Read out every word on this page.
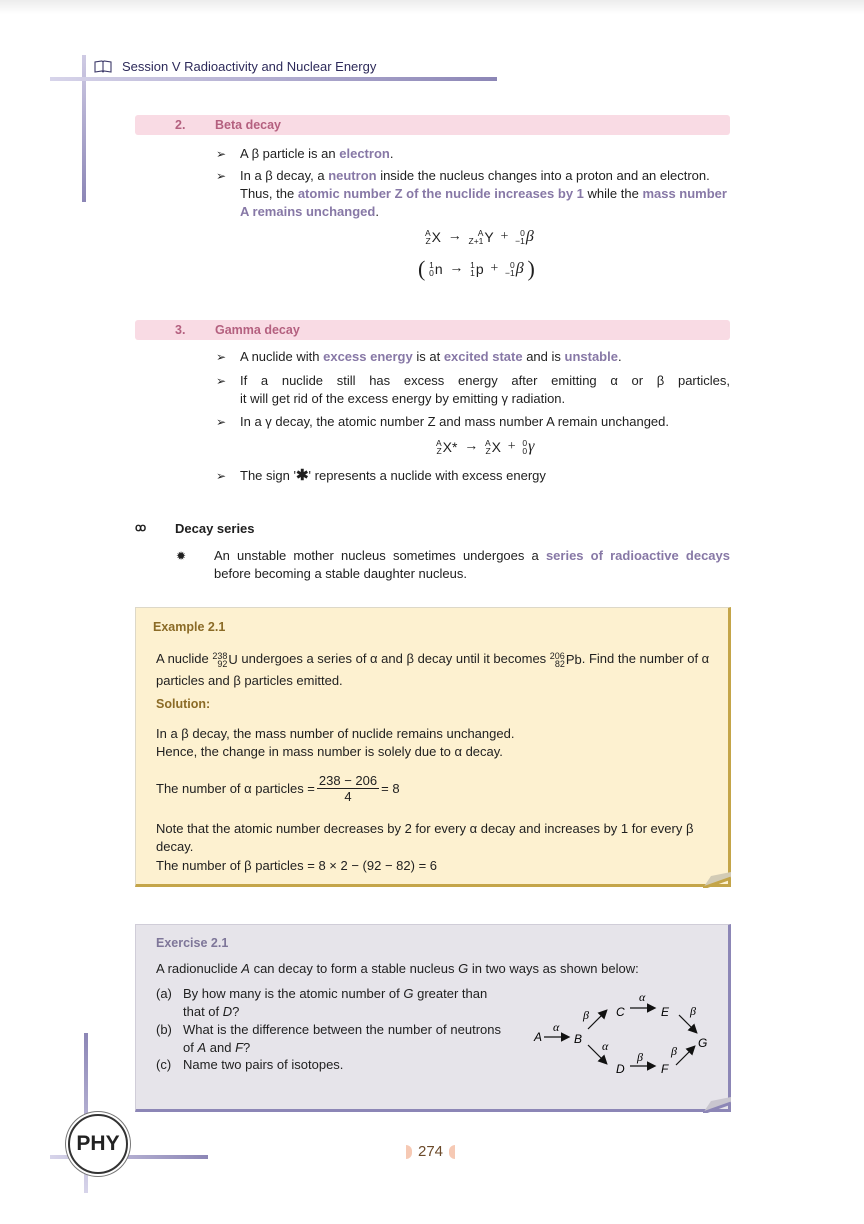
Session V Radioactivity and Nuclear Energy
2. Beta decay
➢	A β particle is an electron.
➢	In a β decay, a neutron inside the nucleus changes into a proton and an electron. Thus, the atomic number Z of the nuclide increases by 1 while the mass number A remains unchanged.
A
Z X →	A
Z+1 Y +	0
−1 β
( 1
0 n → 1
1 p +	0
−1 β )
3. Gamma decay
➢	A nuclide with excess energy is at excited state and is unstable.
➢	If a nuclide still has excess energy after emitting α or β particles,
it will get rid of the excess energy by emitting γ radiation.
➢	In a γ decay, the atomic number Z and mass number A remain unchanged.
A
Z X* → A
Z X + 0
0 γ
➢	The sign '✱' represents a nuclide with excess energy
ꝏ	Decay series
✹	An unstable mother nucleus sometimes undergoes a series of radioactive decays before becoming a stable daughter nucleus.
Example 2.1
A nuclide 238
92 U undergoes a series of α and β decay until it becomes 206
82 Pb . Find the number of α particles and β particles emitted.
Solution:
In a β decay, the mass number of nuclide remains unchanged.
Hence, the change in mass number is solely due to α decay.
The number of α particles = $\frac{238 - 206}{4} = 8$
Note that the atomic number decreases by 2 for every α decay and increases by 1 for every β decay.
The number of β particles = 8 × 2 − (92 − 82) = 6
Exercise 2.1
A radionuclide A can decay to form a stable nucleus G in two ways as shown below:
(a) By how many is the atomic number of G greater than that of D?
(b) What is the difference between the number of neutrons of A and F?
(c) Name two pairs of isotopes.
A
α
B
β C
α
E β
G
α
D
β
F
β
PHY	274
